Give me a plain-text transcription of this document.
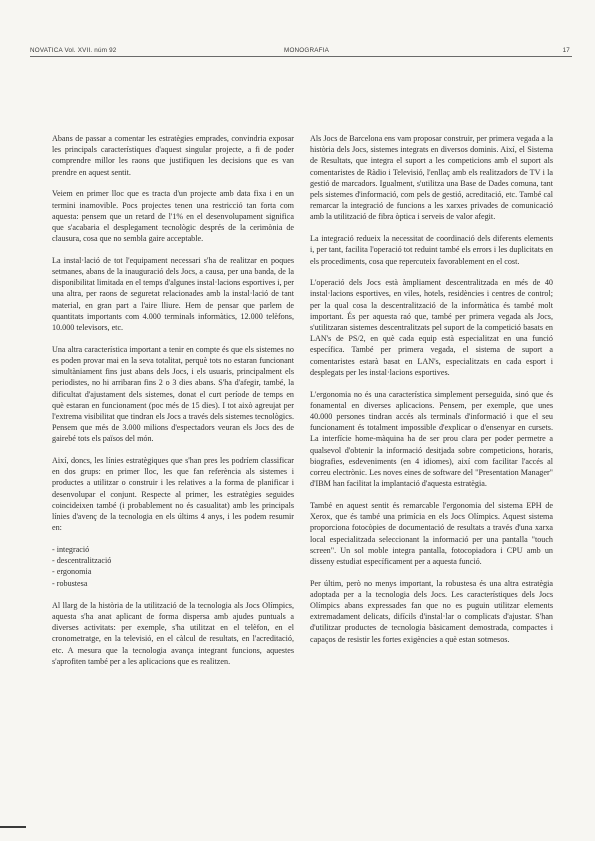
NOVATICA Vol. XVII. núm 92	MONOGRAFIA	17

Abans de passar a comentar les estratègies emprades, convindria exposar les principals característiques d'aquest singular projecte, a fi de poder comprendre millor les raons que justifiquen les decisions que es van prendre en aquest sentit.

Veiem en primer lloc que es tracta d'un projecte amb data fixa i en un termini inamovible. Pocs projectes tenen una restricció tan forta com aquesta: pensem que un retard de l'1% en el desenvolupament significa que s'acabaria el desplegament tecnològic després de la cerimònia de clausura, cosa que no sembla gaire acceptable.

La instal·lació de tot l'equipament necessari s'ha de realitzar en poques setmanes, abans de la inauguració dels Jocs, a causa, per una banda, de la disponibilitat limitada en el temps d'algunes instal·lacions esportives i, per una altra, per raons de seguretat relacionades amb la instal·lació de tant material, en gran part a l'aire lliure. Hem de pensar que parlem de quantitats importants com 4.000 terminals informàtics, 12.000 telèfons, 10.000 televisors, etc.

Una altra característica important a tenir en compte és que els sistemes no es poden provar mai en la seva totalitat, perquè tots no estaran funcionant simultàniament fins just abans dels Jocs, i els usuaris, principalment els periodistes, no hi arribaran fins 2 o 3 dies abans. S'ha d'afegir, també, la dificultat d'ajustament dels sistemes, donat el curt període de temps en què estaran en funcionament (poc més de 15 dies). I tot això agreujat per l'extrema visibilitat que tindran els Jocs a través dels sistemes tecnològics. Pensem que més de 3.000 milions d'espectadors veuran els Jocs des de gairebé tots els països del món.

Així, doncs, les línies estratègiques que s'han pres les podríem classificar en dos grups: en primer lloc, les que fan referència als sistemes i productes a utilitzar o construir i les relatives a la forma de planificar i desenvolupar el conjunt. Respecte al primer, les estratègies seguides coincideixen també (i probablement no és casualitat) amb les principals línies d'avenç de la tecnologia en els últims 4 anys, i les podem resumir en:

- integració
- descentralització
- ergonomia
- robustesa

Al llarg de la història de la utilització de la tecnologia als Jocs Olímpics, aquesta s'ha anat aplicant de forma dispersa amb ajudes puntuals a diverses activitats: per exemple, s'ha utilitzat en el telèfon, en el cronometratge, en la televisió, en el càlcul de resultats, en l'acreditació, etc. A mesura que la tecnologia avança integrant funcions, aquestes s'aprofiten també per a les aplicacions que es realitzen.

Als Jocs de Barcelona ens vam proposar construir, per primera vegada a la història dels Jocs, sistemes integrats en diversos dominis. Així, el Sistema de Resultats, que integra el suport a les competicions amb el suport als comentaristes de Ràdio i Televisió, l'enllaç amb els realitzadors de TV i la gestió de marcadors. Igualment, s'utilitza una Base de Dades comuna, tant pels sistemes d'informació, com pels de gestió, acreditació, etc. També cal remarcar la integració de funcions a les xarxes privades de comunicació amb la utilització de fibra òptica i serveis de valor afegit.

La integració redueix la necessitat de coordinació dels diferents elements i, per tant, facilita l'operació tot reduint també els errors i les duplicitats en els procediments, cosa que repercuteix favorablement en el cost.

L'operació dels Jocs està àmpliament descentralitzada en més de 40 instal·lacions esportives, en viles, hotels, residències i centres de control; per la qual cosa la descentralització de la informàtica és també molt important. És per aquesta raó que, també per primera vegada als Jocs, s'utilitzaran sistemes descentralitzats pel suport de la competició basats en LAN's de PS/2, en què cada equip està especialitzat en una funció específica. També per primera vegada, el sistema de suport a comentaristes estarà basat en LAN's, especialitzats en cada esport i desplegats per les instal·lacions esportives.

L'ergonomia no és una característica simplement perseguida, sinó que és fonamental en diverses aplicacions. Pensem, per exemple, que unes 40.000 persones tindran accés als terminals d'informació i que el seu funcionament és totalment impossible d'explicar o d'ensenyar en cursets. La interfície home-màquina ha de ser prou clara per poder permetre a qualsevol d'obtenir la informació desitjada sobre competicions, horaris, biografies, esdeveniments (en 4 idiomes), així com facilitar l'accés al correu electrònic. Les noves eines de software del "Presentation Manager" d'IBM han facilitat la implantació d'aquesta estratègia.

També en aquest sentit és remarcable l'ergonomia del sistema EPH de Xerox, que és també una primícia en els Jocs Olímpics. Aquest sistema proporciona fotocòpies de documentació de resultats a través d'una xarxa local especialitzada seleccionant la informació per una pantalla "touch screen". Un sol moble integra pantalla, fotocopiadora i CPU amb un disseny estudiat específicament per a aquesta funció.

Per últim, però no menys important, la robustesa és una altra estratègia adoptada per a la tecnologia dels Jocs. Les característiques dels Jocs Olímpics abans expressades fan que no es puguin utilitzar elements extremadament delicats, difícils d'instal·lar o complicats d'ajustar. S'han d'utilitzar productes de tecnologia bàsicament demostrada, compactes i capaços de resistir les fortes exigències a què estan sotmesos.
